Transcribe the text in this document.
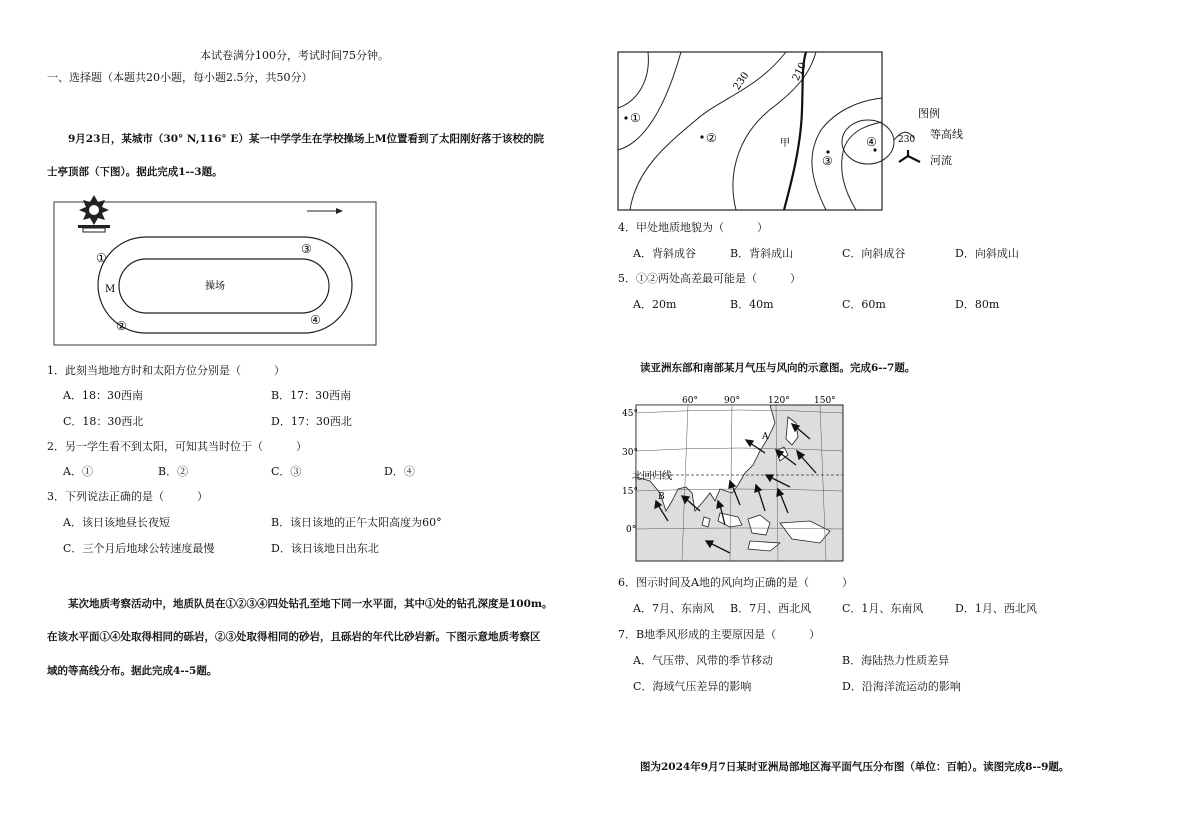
本试卷满分100分，考试时间75分钟。
一、选择题（本题共20小题，每小题2.5分，共50分）
9月23日，某城市（30° N,116° E）某一中学学生在学校操场上M位置看到了太阳刚好落于该校的院
士亭顶部（下图）。据此完成1--3题。
操场
M
①
②
③
④
1．此刻当地地方时和太阳方位分别是（　　　）
A．18：30西南	B．17：30西南
C．18：30西北	D．17：30西北
2．另一学生看不到太阳，可知其当时位于（　　　）
A．①	B．②	C．③	D．④
3．下列说法正确的是（　　　）
A．该日该地昼长夜短	B．该日该地的正午太阳高度为60°
C．三个月后地球公转速度最慢	D．该日该地日出东北
某次地质考察活动中，地质队员在①②③④四处钻孔至地下同一水平面，其中①处的钻孔深度是100m。
在该水平面①④处取得相同的砾岩，②③处取得相同的砂岩，且砾岩的年代比砂岩新。下图示意地质考察区
域的等高线分布。据此完成4--5题。
230	210
甲
①
②
③
④
图例
230 等高线
河流
4．甲处地质地貌为（　　　）
A．背斜成谷	B．背斜成山	C．向斜成谷	D．向斜成山
5．①②两处高差最可能是（　　　）
A．20m	B．40m	C．60m	D．80m
读亚洲东部和南部某月气压与风向的示意图。完成6--7题。
60°	90°	120°	150°
45°
30°
15°
0°
北回归线
A
B
6．图示时间及A地的风向均正确的是（　　　）
A．7月、东南风 B．7月、西北风	C．1月、东南风	D．1月、西北风
7．B地季风形成的主要原因是（　　　）
A．气压带、风带的季节移动	B．海陆热力性质差异
C．海域气压差异的影响	D．沿海洋流运动的影响
图为2024年9月7日某时亚洲局部地区海平面气压分布图（单位：百帕）。读图完成8--9题。
